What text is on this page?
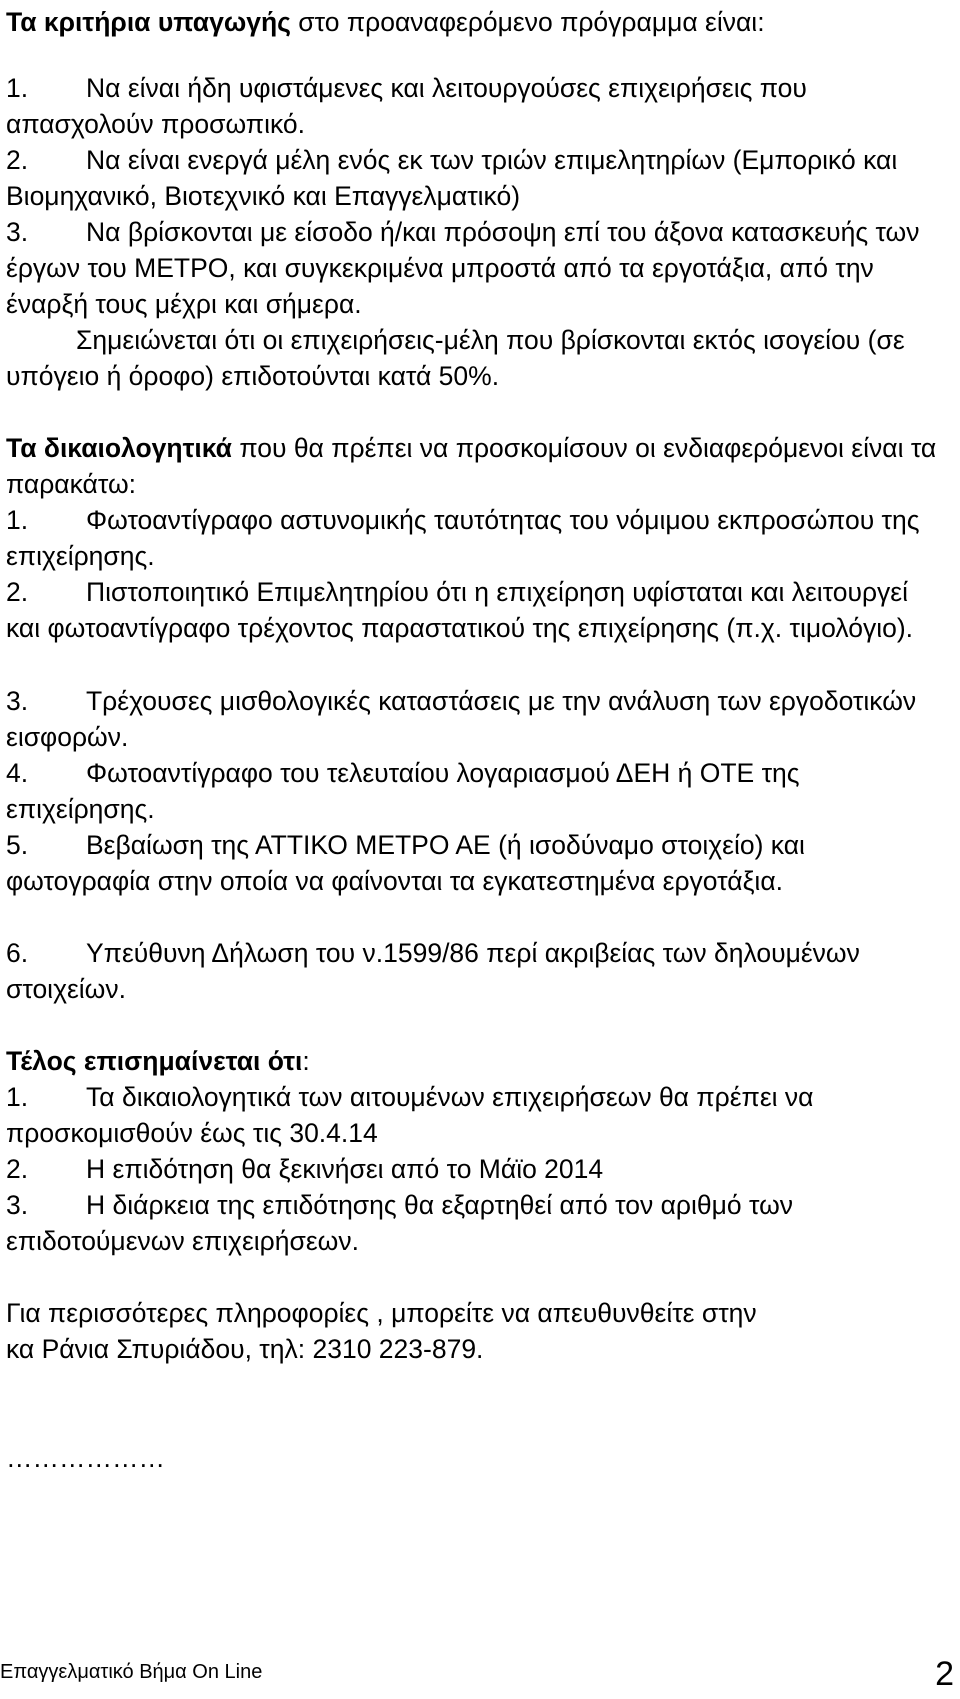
Τα κριτήρια υπαγωγής στο προαναφερόμενο πρόγραμμα είναι:

1. Να είναι ήδη υφιστάμενες και λειτουργούσες επιχειρήσεις που απασχολούν προσωπικό.
2. Να είναι ενεργά μέλη ενός εκ των τριών επιμελητηρίων (Εμπορικό και Βιομηχανικό, Βιοτεχνικό και Επαγγελματικό)
3. Να βρίσκονται με είσοδο ή/και πρόσοψη επί του άξονα κατασκευής των έργων του ΜΕΤΡΟ, και συγκεκριμένα μπροστά από τα εργοτάξια, από την έναρξή τους μέχρι και σήμερα.
Σημειώνεται ότι οι επιχειρήσεις-μέλη που βρίσκονται εκτός ισογείου (σε υπόγειο ή όροφο) επιδοτούνται κατά 50%.
Τα δικαιολογητικά που θα πρέπει να προσκομίσουν οι ενδιαφερόμενοι είναι τα παρακάτω:
1. Φωτοαντίγραφο αστυνομικής ταυτότητας του νόμιμου εκπροσώπου της επιχείρησης.
2. Πιστοποιητικό Επιμελητηρίου ότι η επιχείρηση υφίσταται και λειτουργεί και φωτοαντίγραφο τρέχοντος παραστατικού της επιχείρησης (π.χ. τιμολόγιο).
3. Τρέχουσες μισθολογικές καταστάσεις με την ανάλυση των εργοδοτικών εισφορών.
4. Φωτοαντίγραφο του τελευταίου λογαριασμού ΔΕΗ ή ΟΤΕ της επιχείρησης.
5. Βεβαίωση της ΑΤΤΙΚΟ ΜΕΤΡΟ ΑΕ (ή ισοδύναμο στοιχείο) και φωτογραφία στην οποία να φαίνονται τα εγκατεστημένα εργοτάξια.
6. Υπεύθυνη Δήλωση του ν.1599/86 περί ακριβείας των δηλουμένων στοιχείων.

Τέλος επισημαίνεται ότι:

1. Τα δικαιολογητικά των αιτουμένων επιχειρήσεων θα πρέπει να προσκομισθούν έως τις 30.4.14
2. Η επιδότηση θα ξεκινήσει από το Μάϊο 2014
3. Η διάρκεια της επιδότησης θα εξαρτηθεί από τον αριθμό των επιδοτούμενων επιχειρήσεων.

Για περισσότερες πληροφορίες , μπορείτε να απευθυνθείτε στην

κα Ράνια Σπυριάδου, τηλ: 2310 223-879.

………………

Επαγγελματικό Βήμα On Line	2
